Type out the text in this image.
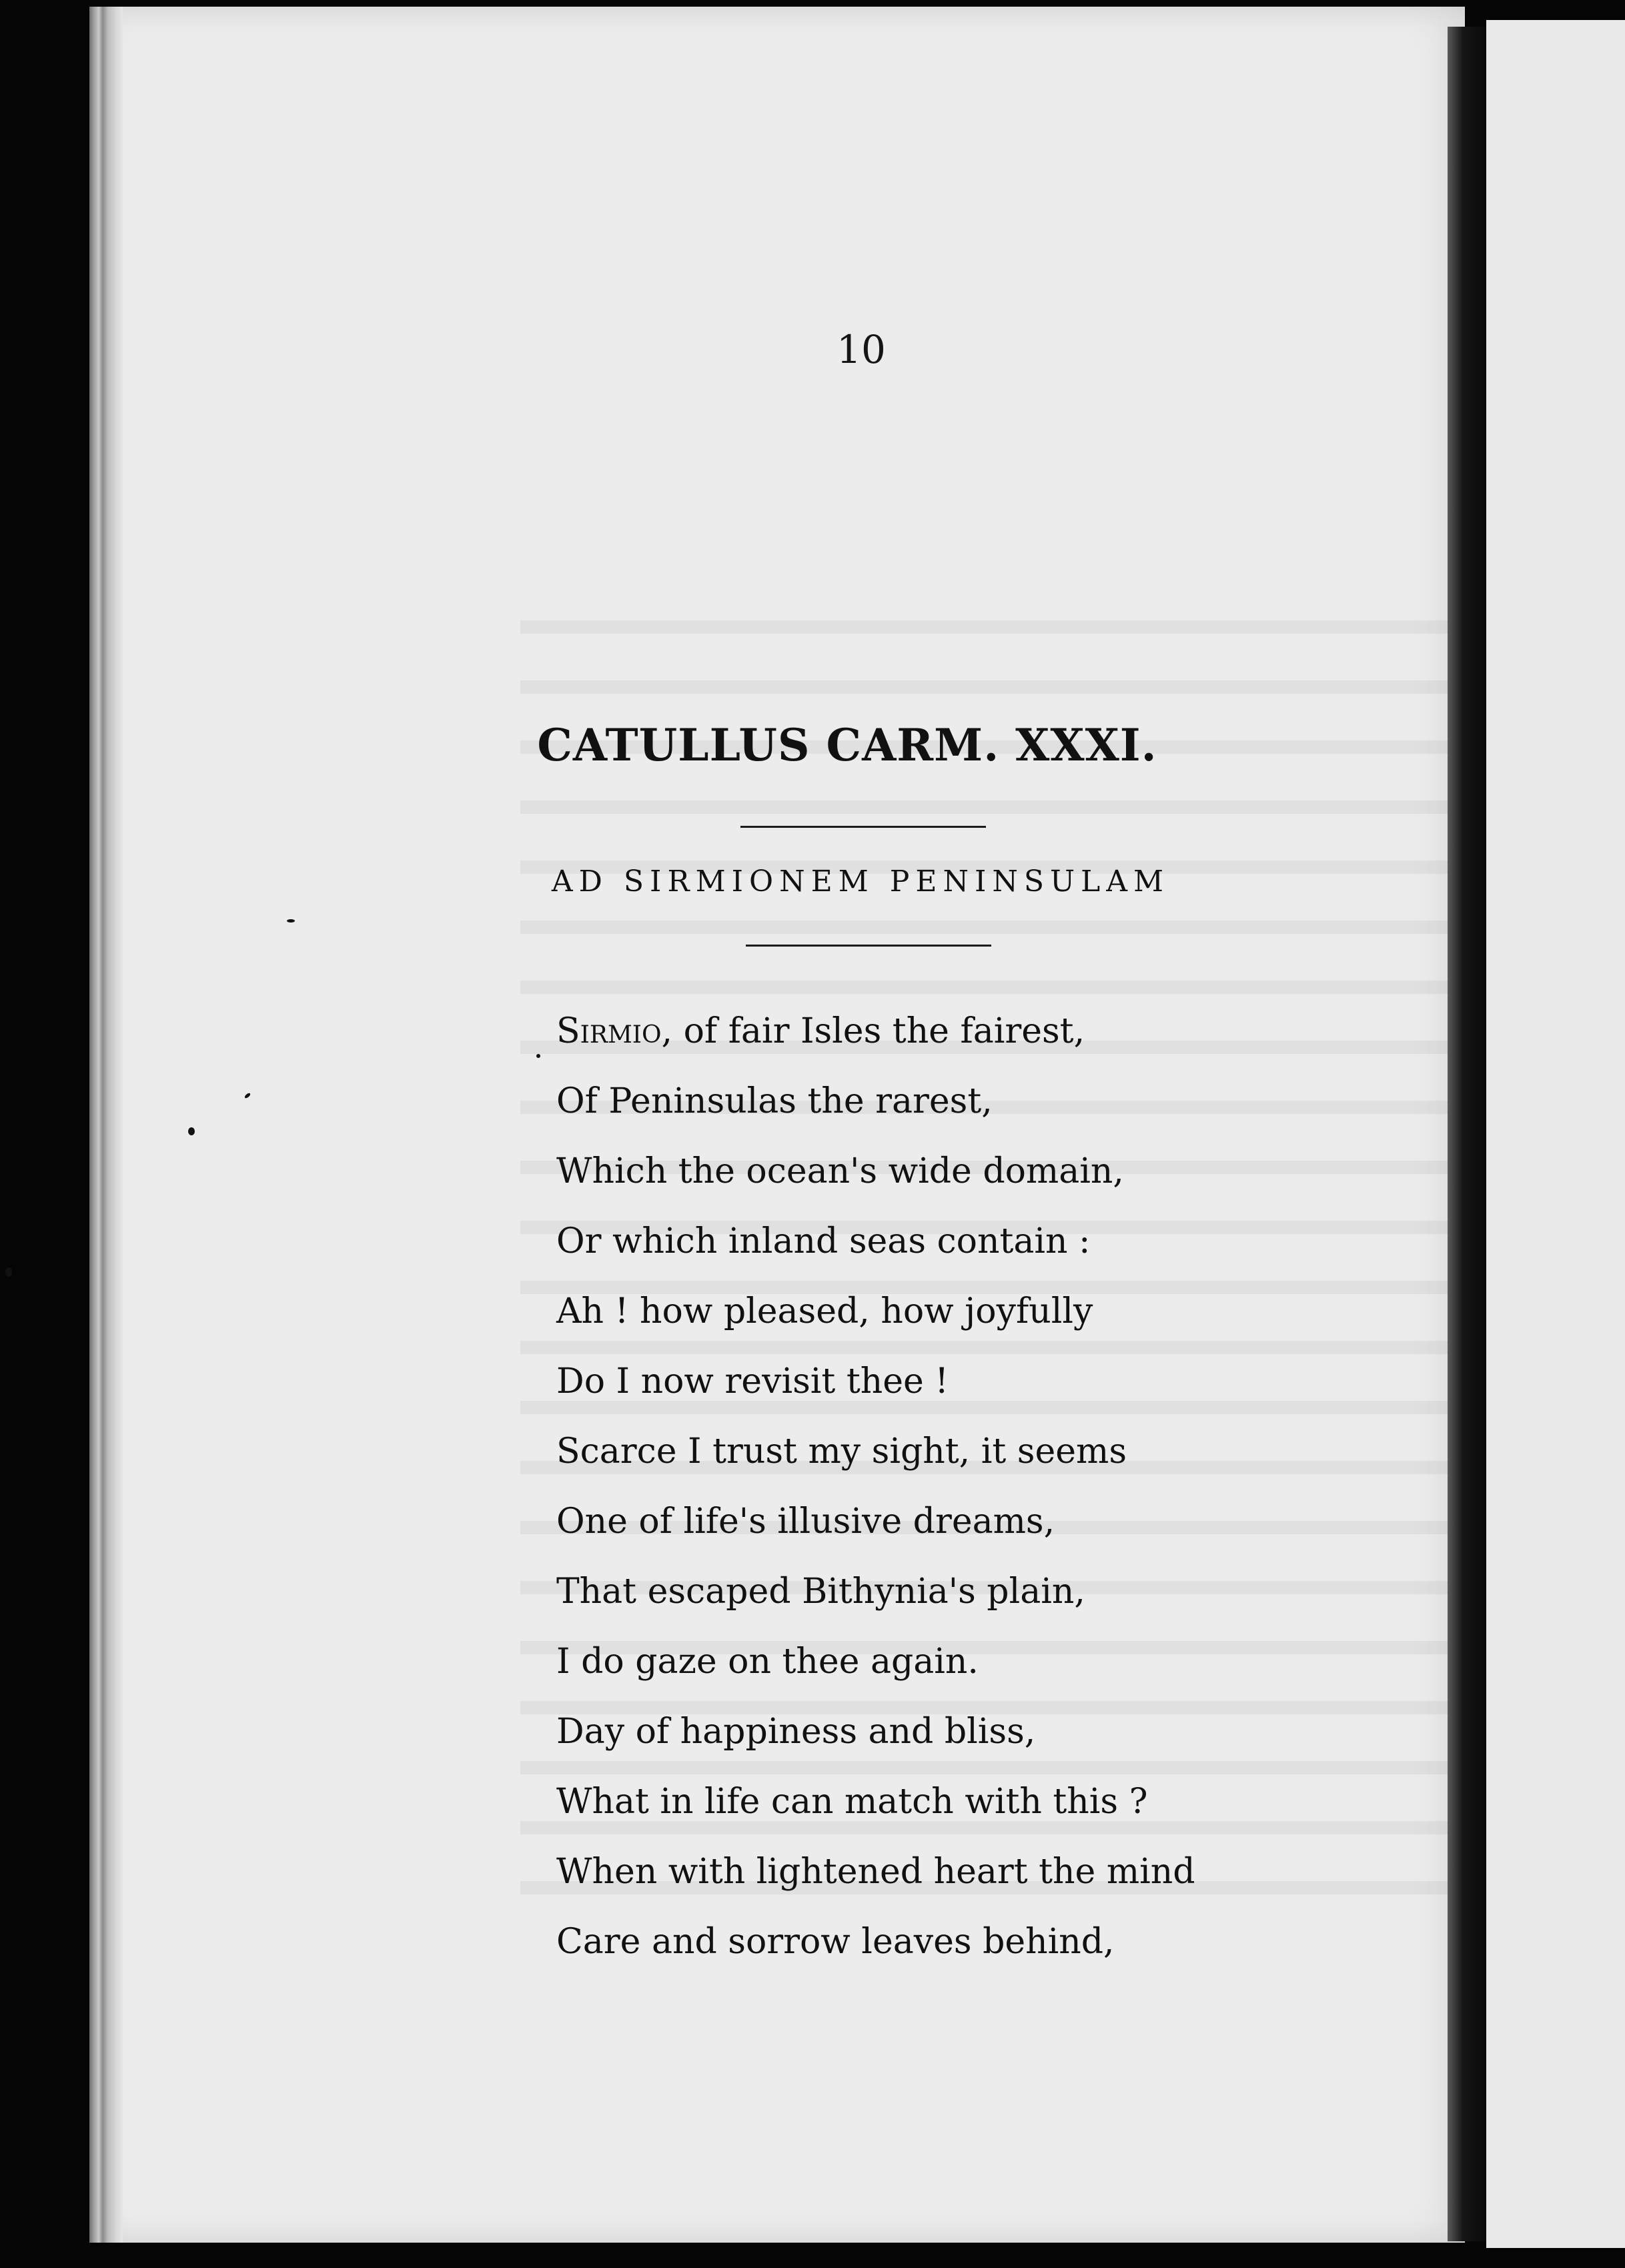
10
CATULLUS CARM. XXXI.
AD SIRMIONEM PENINSULAM
Sirmio, of fair Isles the fairest,
Of Peninsulas the rarest,
Which the ocean's wide domain,
Or which inland seas contain :
Ah ! how pleased, how joyfully
Do I now revisit thee !
Scarce I trust my sight, it seems
One of life's illusive dreams,
That escaped Bithynia's plain,
I do gaze on thee again.
Day of happiness and bliss,
What in life can match with this ?
When with lightened heart the mind
Care and sorrow leaves behind,
